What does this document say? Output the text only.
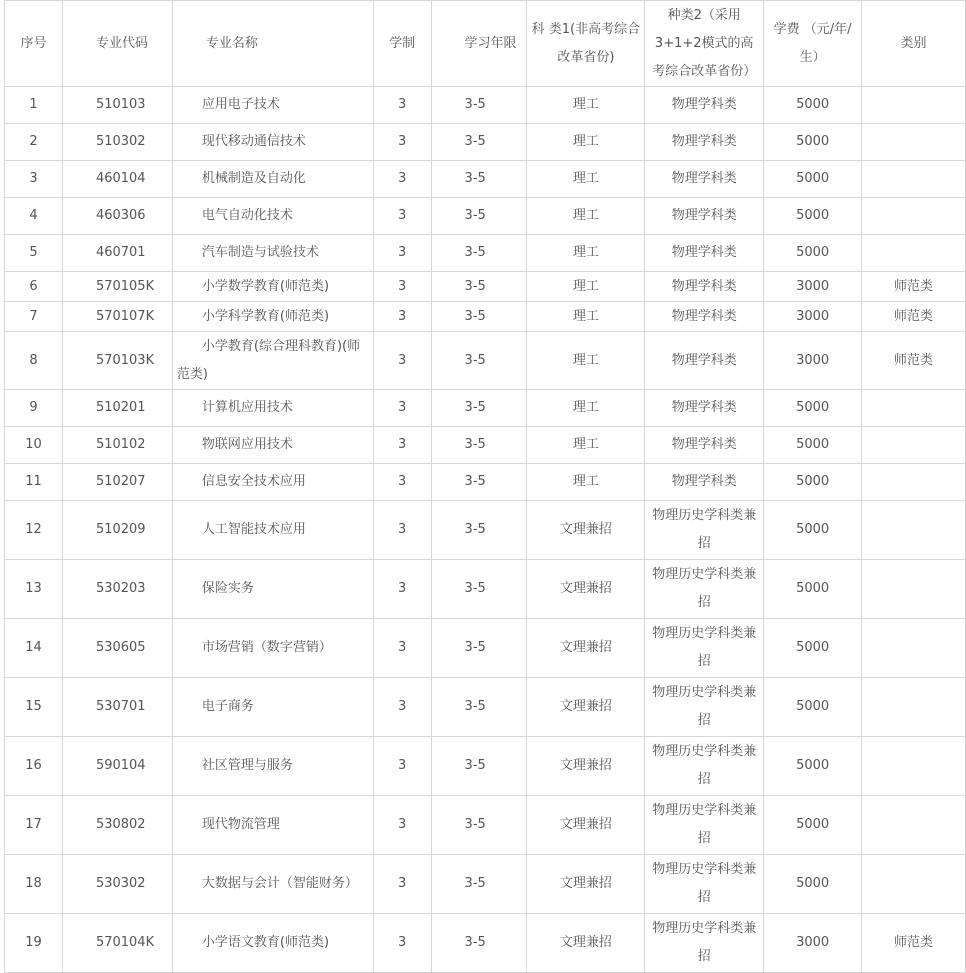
序号	专业代码	专业名称	学制	学习年限	科 类1(非高考综合改革省份)	种类2（采用3+1+2模式的高考综合改革省份）	学费 （元/年/生）	类别
1	510103	应用电子技术	3	3-5	理工	物理学科类	5000	
2	510302	现代移动通信技术	3	3-5	理工	物理学科类	5000	
3	460104	机械制造及自动化	3	3-5	理工	物理学科类	5000	
4	460306	电气自动化技术	3	3-5	理工	物理学科类	5000	
5	460701	汽车制造与试验技术	3	3-5	理工	物理学科类	5000	
6	570105K	小学数学教育(师范类)	3	3-5	理工	物理学科类	3000	师范类
7	570107K	小学科学教育(师范类)	3	3-5	理工	物理学科类	3000	师范类
8	570103K	小学教育(综合理科教育)(师范类)	3	3-5	理工	物理学科类	3000	师范类
9	510201	计算机应用技术	3	3-5	理工	物理学科类	5000	
10	510102	物联网应用技术	3	3-5	理工	物理学科类	5000	
11	510207	信息安全技术应用	3	3-5	理工	物理学科类	5000	
12	510209	人工智能技术应用	3	3-5	文理兼招	物理历史学科类兼招	5000	
13	530203	保险实务	3	3-5	文理兼招	物理历史学科类兼招	5000	
14	530605	市场营销（数字营销）	3	3-5	文理兼招	物理历史学科类兼招	5000	
15	530701	电子商务	3	3-5	文理兼招	物理历史学科类兼招	5000	
16	590104	社区管理与服务	3	3-5	文理兼招	物理历史学科类兼招	5000	
17	530802	现代物流管理	3	3-5	文理兼招	物理历史学科类兼招	5000	
18	530302	大数据与会计（智能财务）	3	3-5	文理兼招	物理历史学科类兼招	5000	
19	570104K	小学语文教育(师范类)	3	3-5	文理兼招	物理历史学科类兼招	3000	师范类
